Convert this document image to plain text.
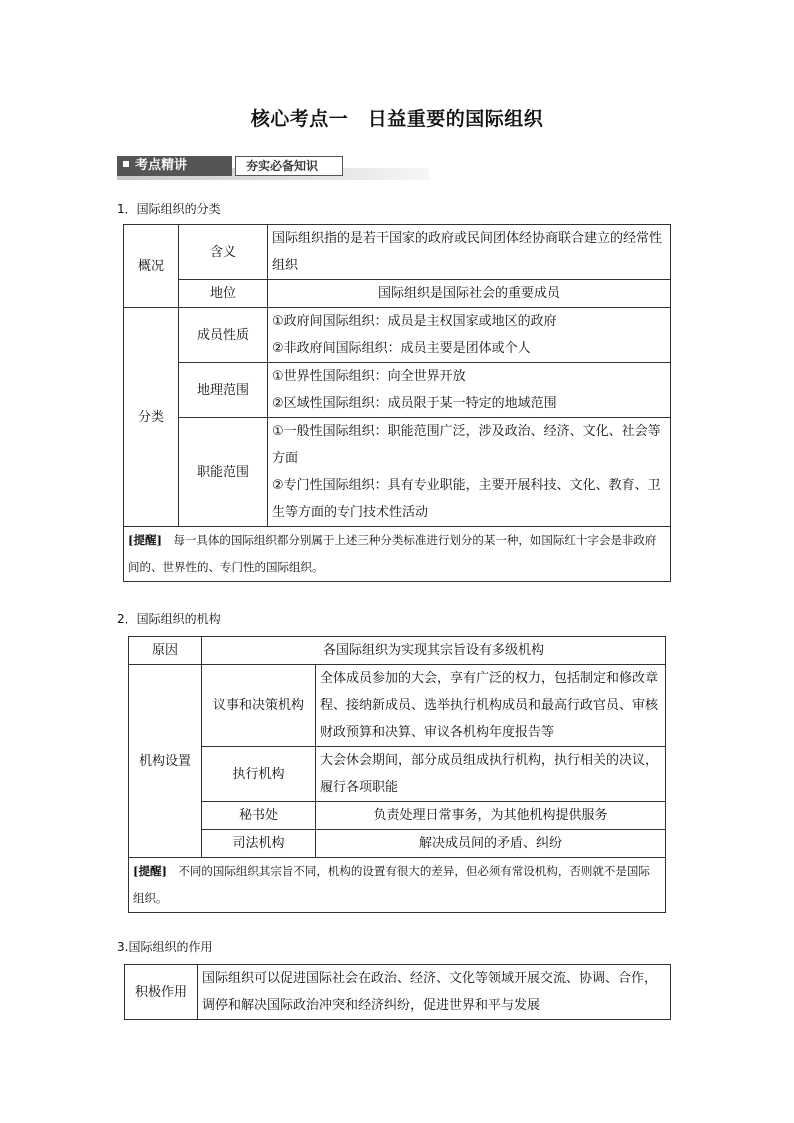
核心考点一　日益重要的国际组织
考点精讲	夯实必备知识
1．国际组织的分类
概况	含义	国际组织指的是若干国家的政府或民间团体经协商联合建立的经常性组织
	地位	国际组织是国际社会的重要成员
分类	成员性质	①政府间国际组织：成员是主权国家或地区的政府
②非政府间国际组织：成员主要是团体或个人

	地理范围	①世界性国际组织：向全世界开放
②区域性国际组织：成员限于某一特定的地域范围

	职能范围	①一般性国际组织：职能范围广泛，涉及政治、经济、文化、社会等方面
②专门性国际组织：具有专业职能，主要开展科技、文化、教育、卫生等方面的专门技术性活动

[提醒]　 每一具体的国际组织都分别属于上述三种分类标准进行划分的某一种，如国际红十字会是非政府间的、世界性的、专门性的国际组织。		
2．国际组织的机构
原因	各国际组织为实现其宗旨设有多级机构	
机构设置	议事和决策机构	全体成员参加的大会，享有广泛的权力，包括制定和修改章程、接纳新成员、选举执行机构成员和最高行政官员、审核财政预算和决算、审议各机构年度报告等
	执行机构	大会休会期间，部分成员组成执行机构，执行相关的决议，履行各项职能
	秘书处	负责处理日常事务，为其他机构提供服务
	司法机构	解决成员间的矛盾、纠纷
[提醒]　 不同的国际组织其宗旨不同，机构的设置有很大的差异，但必须有常设机构，否则就不是国际组织。		
3.国际组织的作用
积极作用	国际组织可以促进国际社会在政治、经济、文化等领域开展交流、协调、合作，调停和解决国际政治冲突和经济纠纷，促进世界和平与发展
